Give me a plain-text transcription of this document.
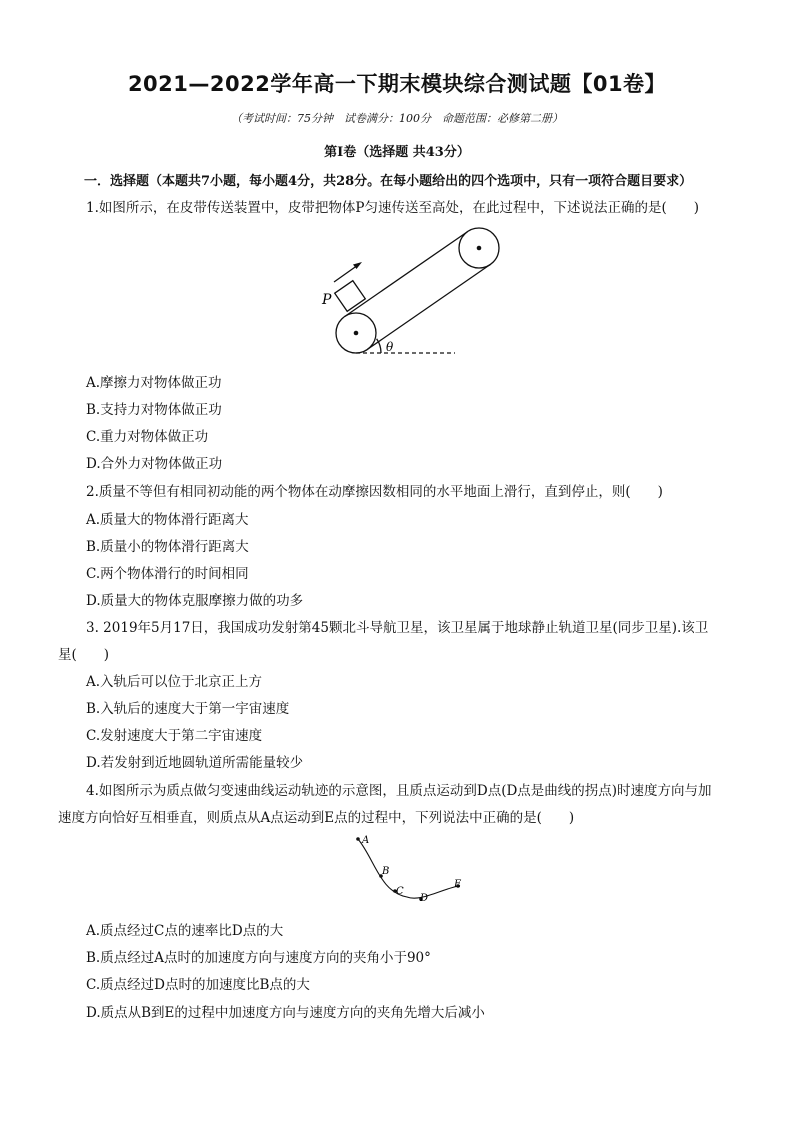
2021—2022学年高一下期末模块综合测试题【01卷】
（考试时间：75分钟　试卷满分：100分　命题范围：必修第二册）
第Ⅰ卷（选择题 共43分）
一．选择题（本题共7小题，每小题4分，共28分。在每小题给出的四个选项中，只有一项符合题目要求）
1.如图所示，在皮带传送装置中，皮带把物体P匀速传送至高处，在此过程中，下述说法正确的是(　　)
P
θ
A.摩擦力对物体做正功
B.支持力对物体做正功
C.重力对物体做正功
D.合外力对物体做正功
2.质量不等但有相同初动能的两个物体在动摩擦因数相同的水平地面上滑行，直到停止，则(　　)
A.质量大的物体滑行距离大
B.质量小的物体滑行距离大
C.两个物体滑行的时间相同
D.质量大的物体克服摩擦力做的功多
3. 2019年5月17日，我国成功发射第45颗北斗导航卫星，该卫星属于地球静止轨道卫星(同步卫星).该卫
星(　　)
A.入轨后可以位于北京正上方
B.入轨后的速度大于第一宇宙速度
C.发射速度大于第二宇宙速度
D.若发射到近地圆轨道所需能量较少
4.如图所示为质点做匀变速曲线运动轨迹的示意图，且质点运动到D点(D点是曲线的拐点)时速度方向与加
速度方向恰好互相垂直，则质点从A点运动到E点的过程中，下列说法中正确的是(　　)
A
B
C
D
E
A.质点经过C点的速率比D点的大
B.质点经过A点时的加速度方向与速度方向的夹角小于90°
C.质点经过D点时的加速度比B点的大
D.质点从B到E的过程中加速度方向与速度方向的夹角先增大后减小
